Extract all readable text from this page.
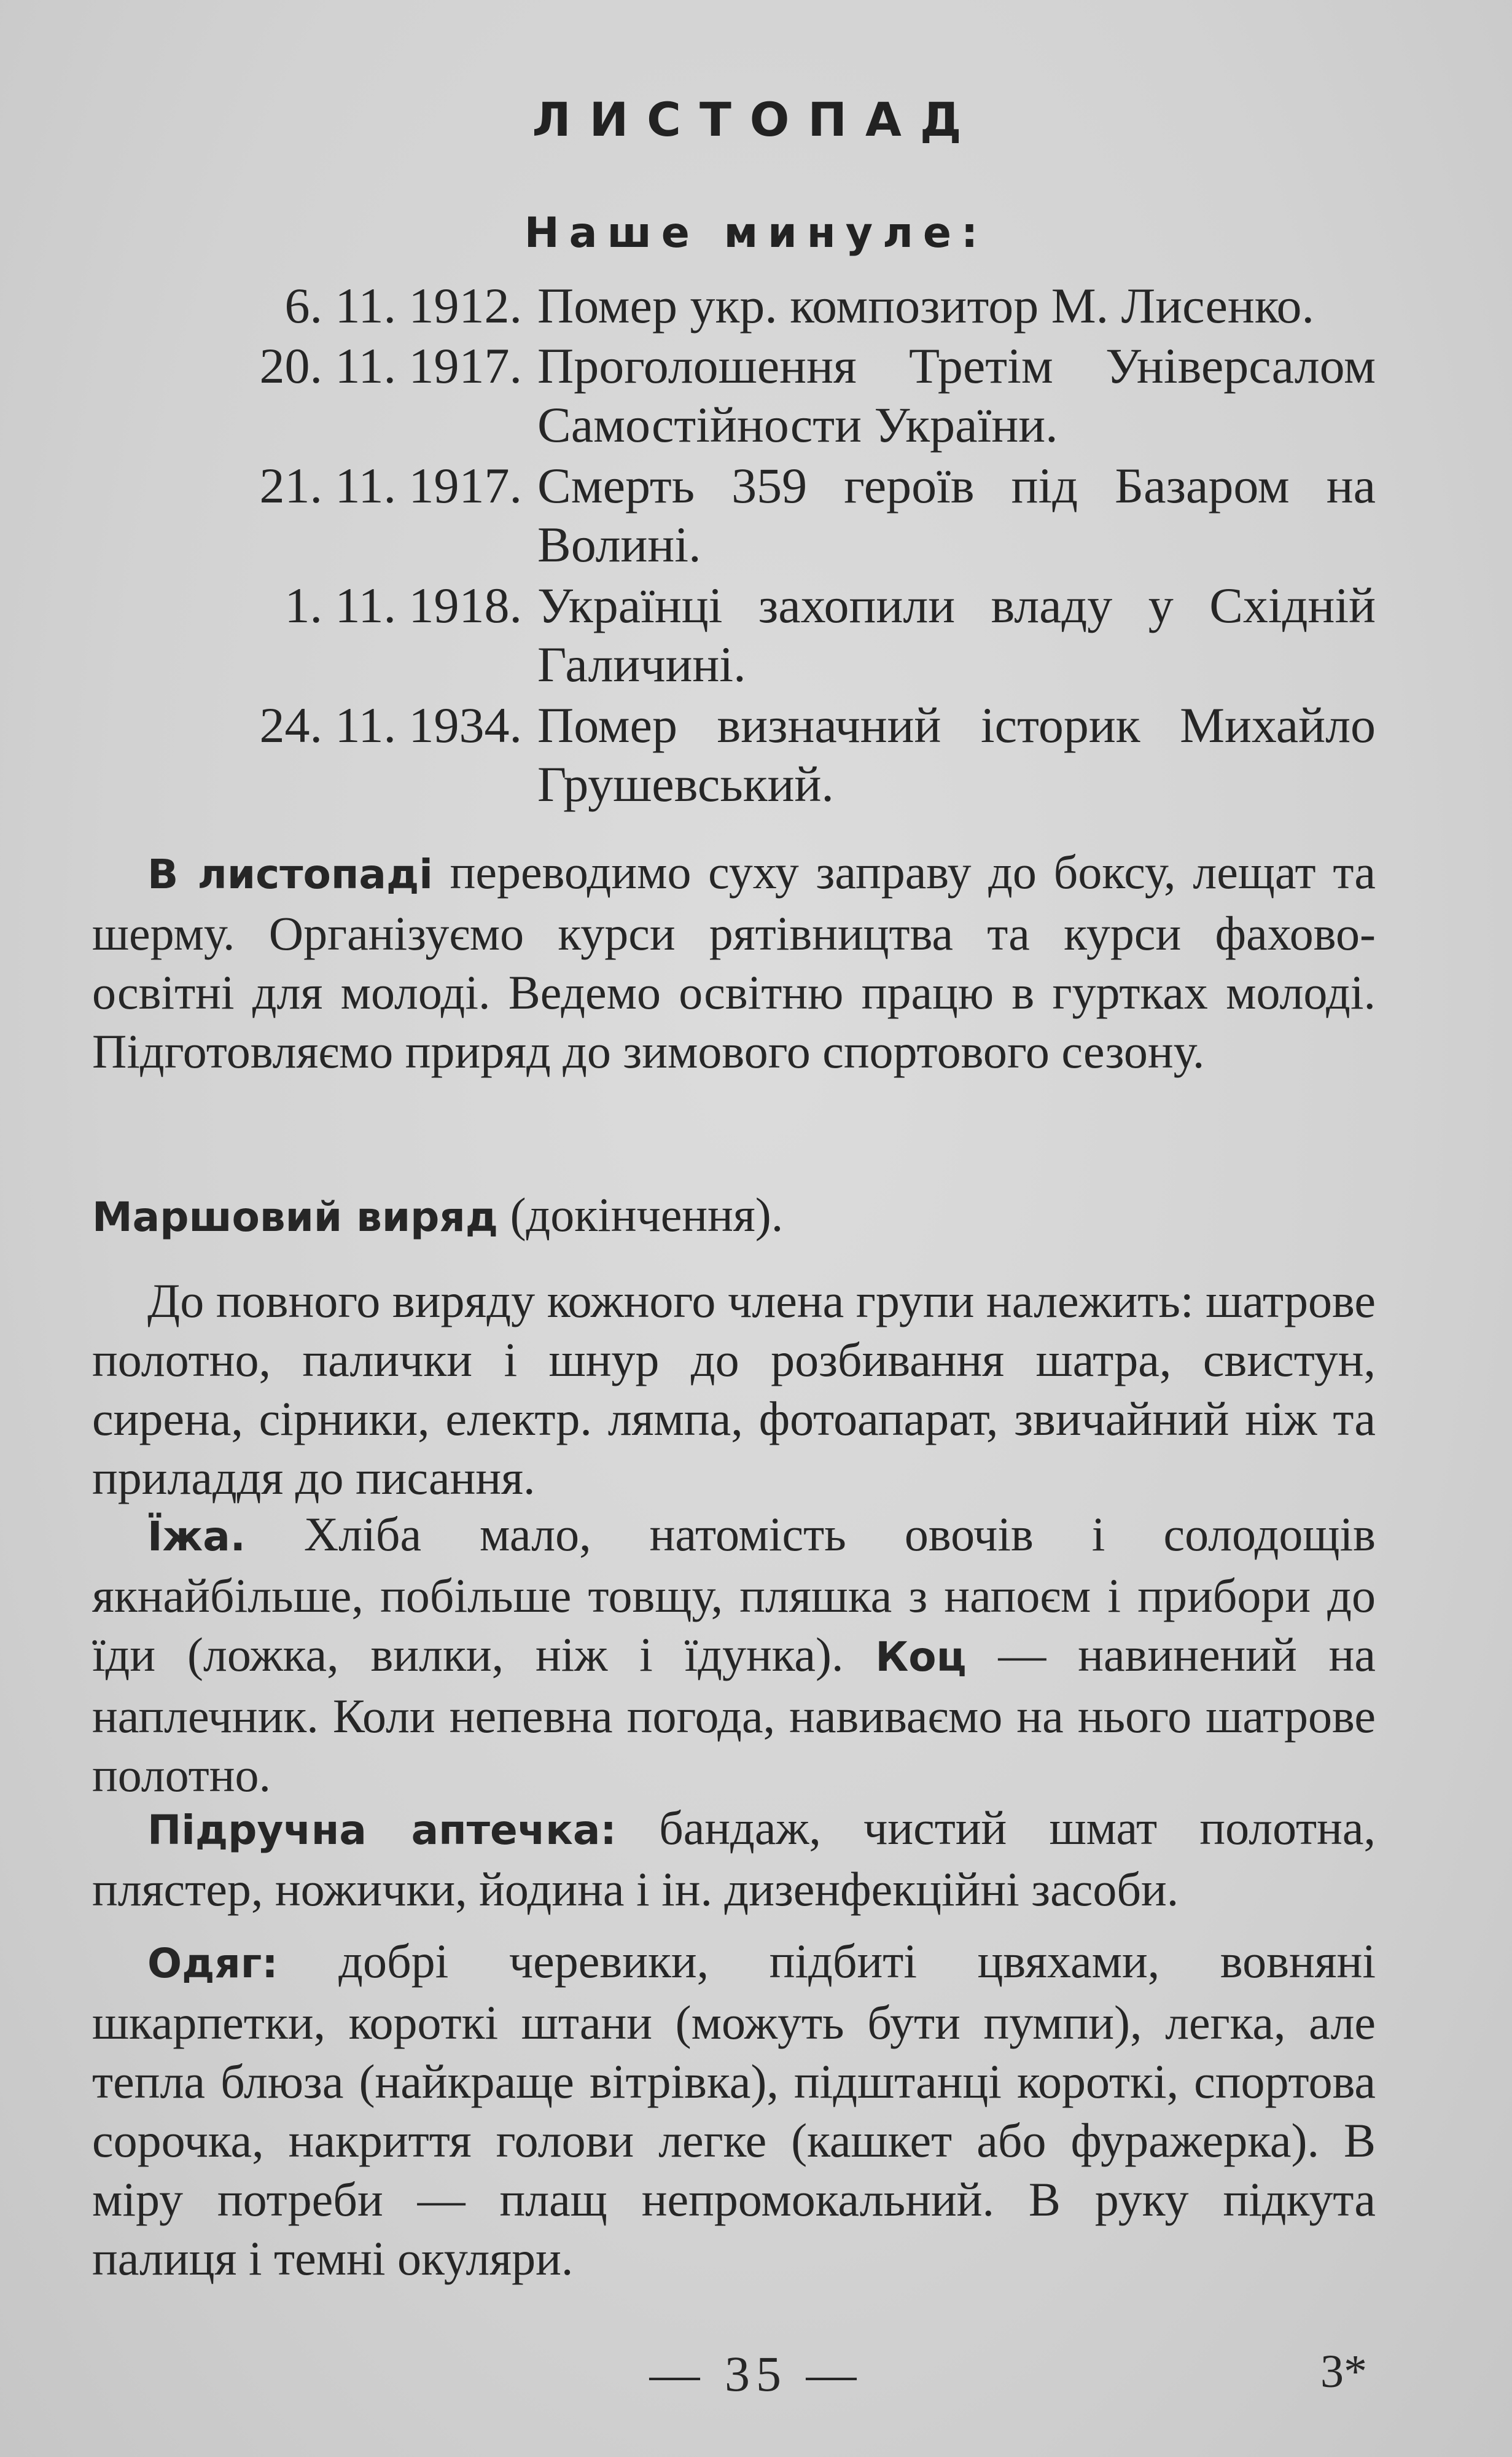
ЛИСТОПАД
Наше минуле:
6. 11. 1912. Помер укр. композитор М. Лисенко.
20. 11. 1917. Проголошення Третім Універсалом Самостійности України.
21. 11. 1917. Смерть 359 героїв під Базаром на Волині.
1. 11. 1918. Українці захопили владу у Східній Галичині.
24. 11. 1934. Помер визначний історик Михайло Грушевський.
В листопаді переводимо суху заправу до боксу, лещат та шерму. Організуємо курси рятівництва та курси фахово-освітні для молоді. Ведемо освітню працю в гуртках молоді. Підготовляємо приряд до зимового спортового сезону.
Маршовий виряд (докінчення).
До повного виряду кожного члена групи належить: шатрове полотно, палички і шнур до розбивання шатра, свистун, сирена, сірники, електр. лямпа, фотоапарат, звичайний ніж та приладдя до писання.
Їжа. Хліба мало, натомість овочів і солодощів якнайбільше, побільше товщу, пляшка з напоєм і прибори до їди (ложка, вилки, ніж і їдунка). Коц — навинений на наплечник. Коли непевна погода, навиваємо на нього шатрове полотно.
Підручна аптечка: бандаж, чистий шмат полотна, плястер, ножички, йодина і ін. дизенфекційні засоби.
Одяг: добрі черевики, підбиті цвяхами, вовняні шкарпетки, короткі штани (можуть бути пумпи), легка, але тепла блюза (найкраще вітрівка), підштанці короткі, спортова сорочка, накриття голови легке (кашкет або фуражерка). В міру потреби — плащ непромокальний. В руку підкута палиця і темні окуляри.
— 35 —	3*
